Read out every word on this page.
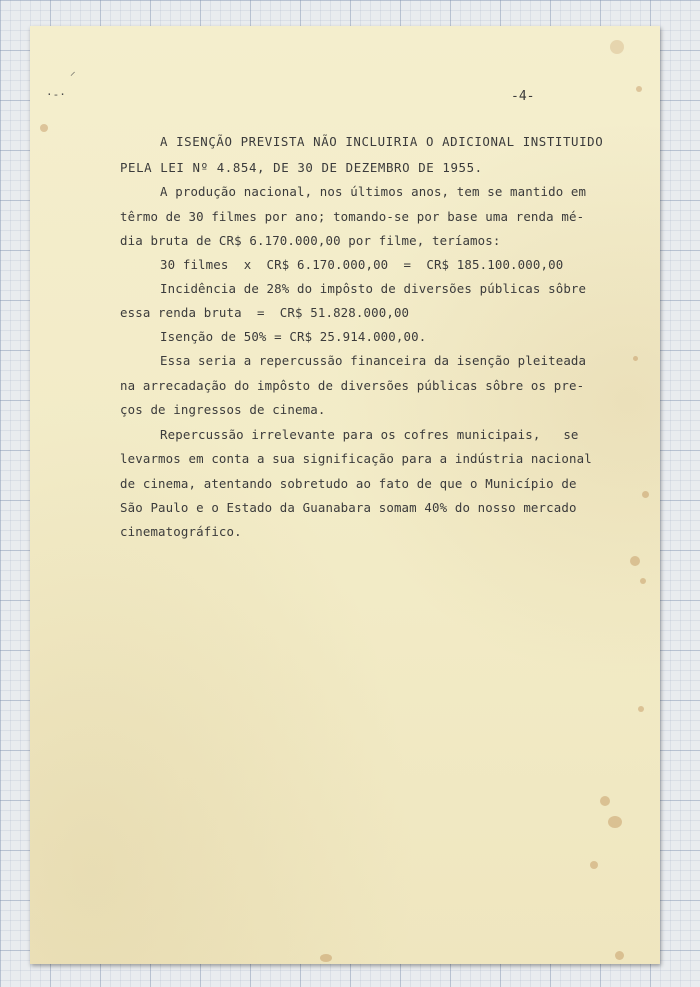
⸝
·-·	-4-
A ISENÇÃO PREVISTA NÃO INCLUIRIA O ADICIONAL INSTITUIDO
PELA LEI Nº 4.854, DE 30 DE DEZEMBRO DE 1955.
A produção nacional, nos últimos anos, tem se mantido em
têrmo de 30 filmes por ano; tomando-se por base uma renda mé-
dia bruta de CR$ 6.170.000,00 por filme, teríamos:
30 filmes  x  CR$ 6.170.000,00  =  CR$ 185.100.000,00
Incidência de 28% do impôsto de diversões públicas sôbre
essa renda bruta  =  CR$ 51.828.000,00
Isenção de 50% = CR$ 25.914.000,00.
Essa seria a repercussão financeira da isenção pleiteada
na arrecadação do impôsto de diversões públicas sôbre os pre-
ços de ingressos de cinema.
Repercussão irrelevante para os cofres municipais,   se
levarmos em conta a sua significação para a indústria nacional
de cinema, atentando sobretudo ao fato de que o Município de
São Paulo e o Estado da Guanabara somam 40% do nosso mercado
cinematográfico.
